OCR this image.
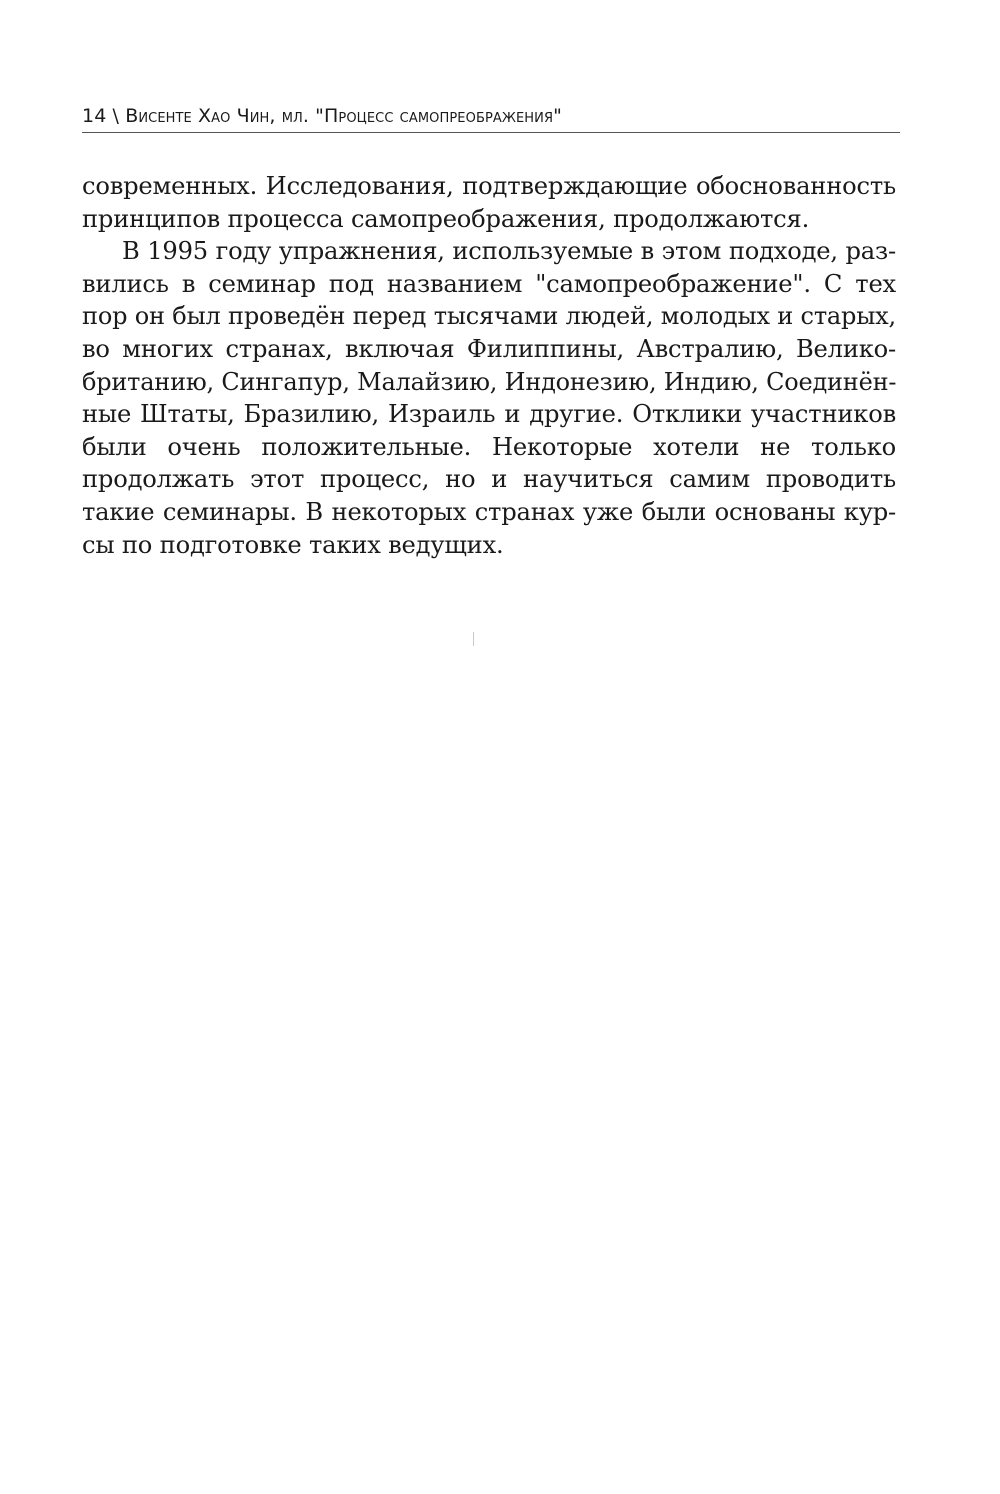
14 \ Висенте Хао Чин, мл. "Процесс самопреображения"
современных. Исследования, подтверждающие обоснованность
принципов процесса самопреображения, продолжаются.
В 1995 году упражнения, используемые в этом подходе, раз-
вились в семинар под названием "самопреображение". С тех
пор он был проведён перед тысячами людей, молодых и старых,
во многих странах, включая Филиппины, Австралию, Велико-
британию, Сингапур, Малайзию, Индонезию, Индию, Соединён-
ные Штаты, Бразилию, Израиль и другие. Отклики участников
были очень положительные. Некоторые хотели не только
продолжать этот процесс, но и научиться самим проводить
такие семинары. В некоторых странах уже были основаны кур-
сы по подготовке таких ведущих.
